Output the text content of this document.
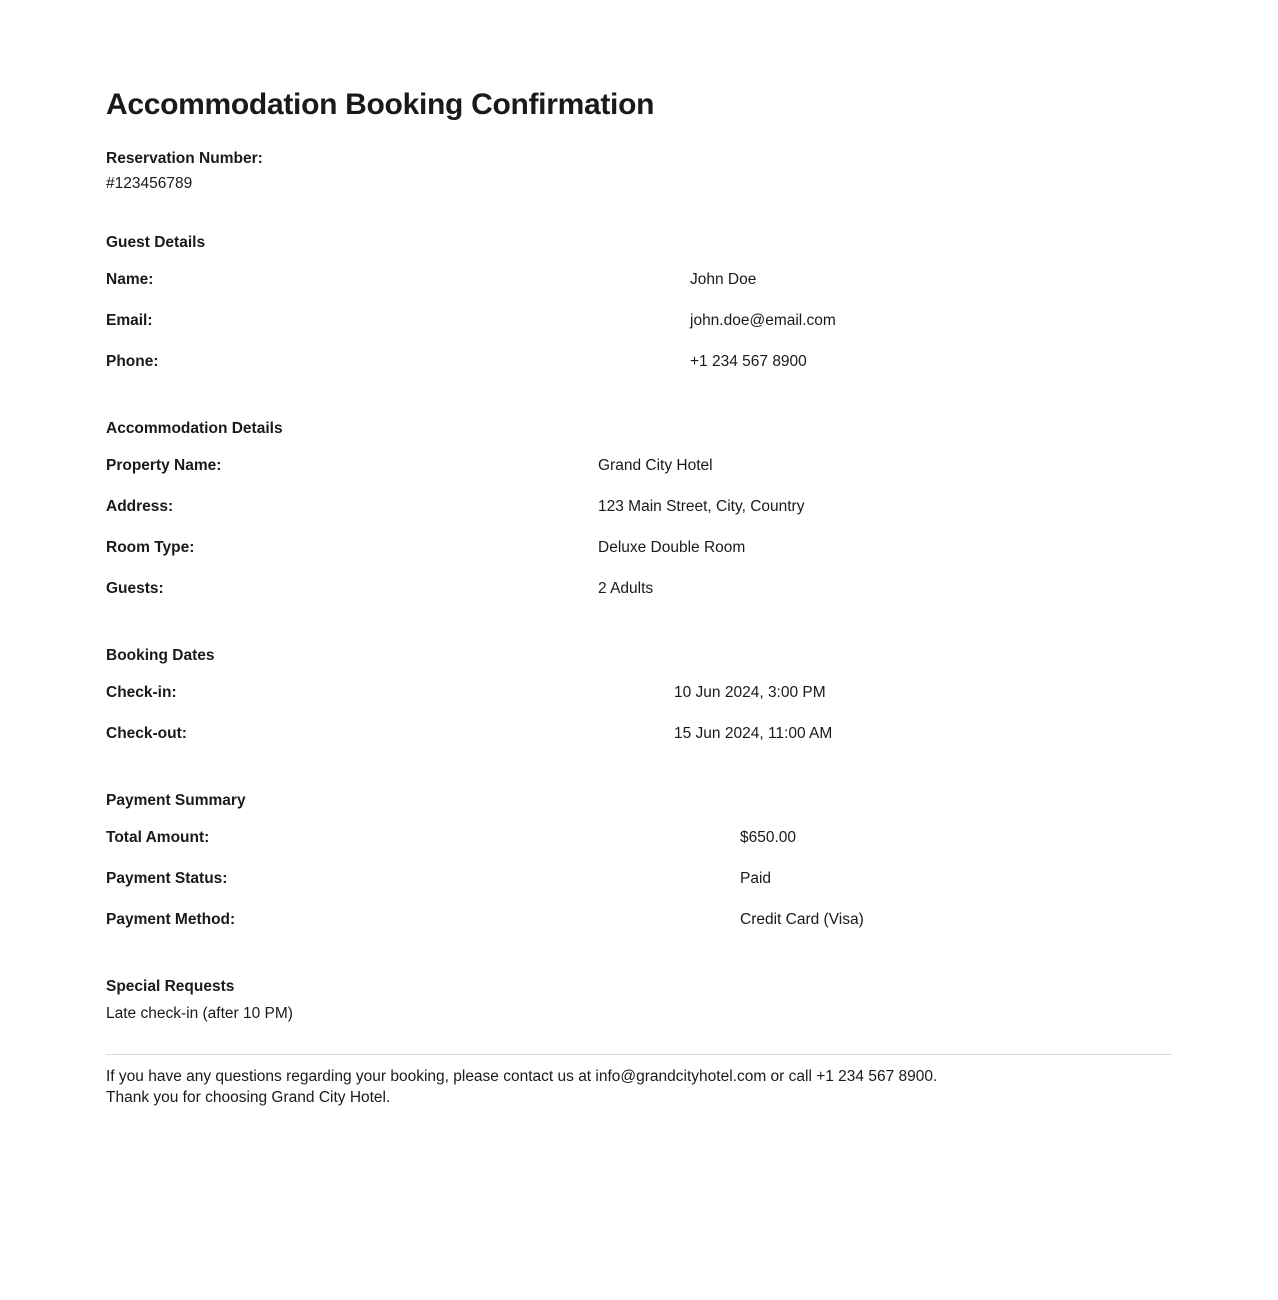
Accommodation Booking Confirmation

Reservation Number:

#123456789

Guest Details

Name:	John Doe
Email:	john.doe@email.com
Phone:	+1 234 567 8900

Accommodation Details

Property Name:	Grand City Hotel
Address:	123 Main Street, City, Country
Room Type:	Deluxe Double Room
Guests:	2 Adults

Booking Dates

Check-in:	10 Jun 2024, 3:00 PM
Check-out:	15 Jun 2024, 11:00 AM

Payment Summary

Total Amount:	$650.00
Payment Status:	Paid
Payment Method:	Credit Card (Visa)

Special Requests

Late check-in (after 10 PM)

If you have any questions regarding your booking, please contact us at info@grandcityhotel.com or call +1 234 567 8900.

Thank you for choosing Grand City Hotel.
